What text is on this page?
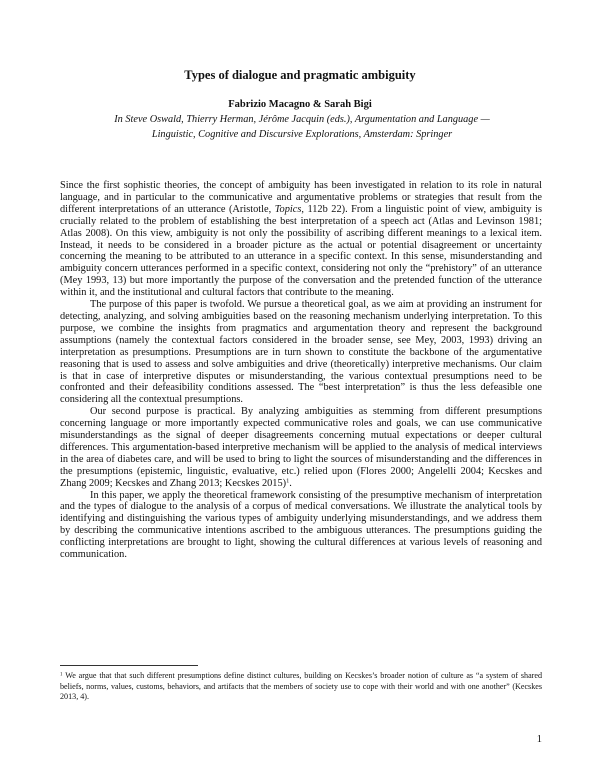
Types of dialogue and pragmatic ambiguity
Fabrizio Macagno & Sarah Bigi
In Steve Oswald, Thierry Herman, Jérôme Jacquin (eds.), Argumentation and Language — Linguistic, Cognitive and Discursive Explorations, Amsterdam: Springer

Since the first sophistic theories, the concept of ambiguity has been investigated in relation to its role in natural language, and in particular to the communicative and argumentative problems or strategies that result from the different interpretations of an utterance (Aristotle, Topics, 112b 22). From a linguistic point of view, ambiguity is crucially related to the problem of establishing the best interpretation of a speech act (Atlas and Levinson 1981; Atlas 2008). On this view, ambiguity is not only the possibility of ascribing different meanings to a lexical item. Instead, it needs to be considered in a broader picture as the actual or potential disagreement or uncertainty concerning the meaning to be attributed to an utterance in a specific context. In this sense, misunderstanding and ambiguity concern utterances performed in a specific context, considering not only the “prehistory” of an utterance (Mey 1993, 13) but more importantly the purpose of the conversation and the pretended function of the utterance within it, and the institutional and cultural factors that contribute to the meaning.

The purpose of this paper is twofold. We pursue a theoretical goal, as we aim at providing an instrument for detecting, analyzing, and solving ambiguities based on the reasoning mechanism underlying interpretation. To this purpose, we combine the insights from pragmatics and argumentation theory and represent the background assumptions (namely the contextual factors considered in the broader sense, see Mey, 2003, 1993) driving an interpretation as presumptions. Presumptions are in turn shown to constitute the backbone of the argumentative reasoning that is used to assess and solve ambiguities and drive (theoretically) interpretive mechanisms. Our claim is that in case of interpretive disputes or misunderstanding, the various contextual presumptions need to be confronted and their defeasibility conditions assessed. The “best interpretation” is thus the less defeasible one considering all the contextual presumptions.

Our second purpose is practical. By analyzing ambiguities as stemming from different presumptions concerning language or more importantly expected communicative roles and goals, we can use communicative misunderstandings as the signal of deeper disagreements concerning mutual expectations or deeper cultural differences. This argumentation-based interpretive mechanism will be applied to the analysis of medical interviews in the area of diabetes care, and will be used to bring to light the sources of misunderstanding and the differences in the presumptions (epistemic, linguistic, evaluative, etc.) relied upon (Flores 2000; Angelelli 2004; Kecskes and Zhang 2009; Kecskes and Zhang 2013; Kecskes 2015)$^1$.

In this paper, we apply the theoretical framework consisting of the presumptive mechanism of interpretation and the types of dialogue to the analysis of a corpus of medical conversations. We illustrate the analytical tools by identifying and distinguishing the various types of ambiguity underlying misunderstandings, and we address them by describing the communicative intentions ascribed to the ambiguous utterances. The presumptions guiding the conflicting interpretations are brought to light, showing the cultural differences at various levels of reasoning and communication.

$^1$ We argue that that such different presumptions define distinct cultures, building on Kecskes’s broader notion of culture as “a system of shared beliefs, norms, values, customs, behaviors, and artifacts that the members of society use to cope with their world and with one another” (Kecskes 2013, 4).
1
